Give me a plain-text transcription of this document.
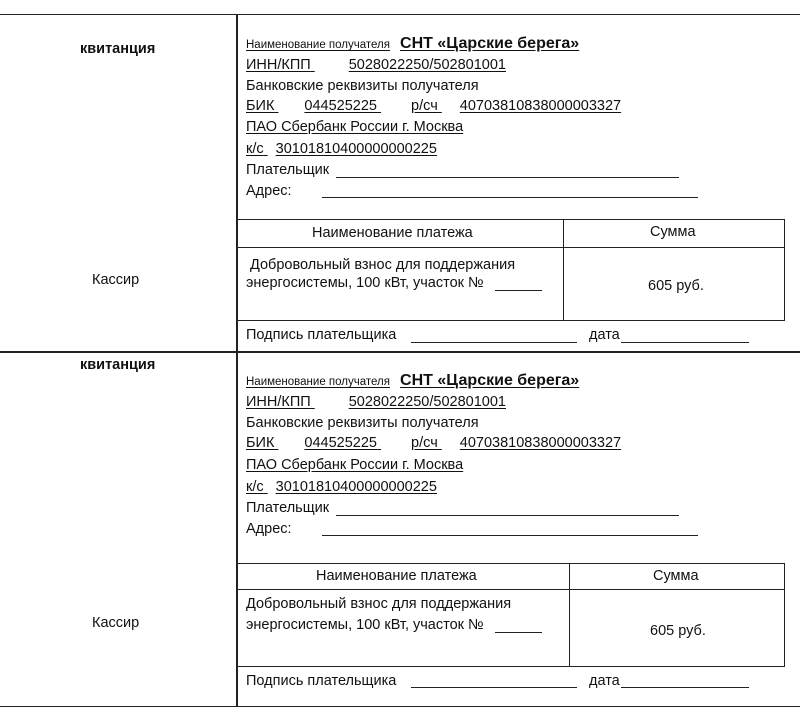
квитанция
Кассир
Наименование получателя СНТ «Царские берега»
ИНН/КПП	5028022250/502801001
Банковские реквизиты получателя
БИК 044525225 р/сч 40703810838000003327
ПАО Сбербанк России г. Москва
к/с 30101810400000000225
Плательщик
Адрес:
Наименование платежа	Сумма
Добровольный взнос для поддержания
энергосистемы, 100 кВт, участок №	605 руб.
Подпись плательщика	дата
квитанция
Кассир
Наименование получателя СНТ «Царские берега»
ИНН/КПП	5028022250/502801001
Банковские реквизиты получателя
БИК 044525225 р/сч 40703810838000003327
ПАО Сбербанк России г. Москва
к/с 30101810400000000225
Плательщик
Адрес:
Наименование платежа	Сумма
Добровольный взнос для поддержания
энергосистемы, 100 кВт, участок №	605 руб.
Подпись плательщика	дата
